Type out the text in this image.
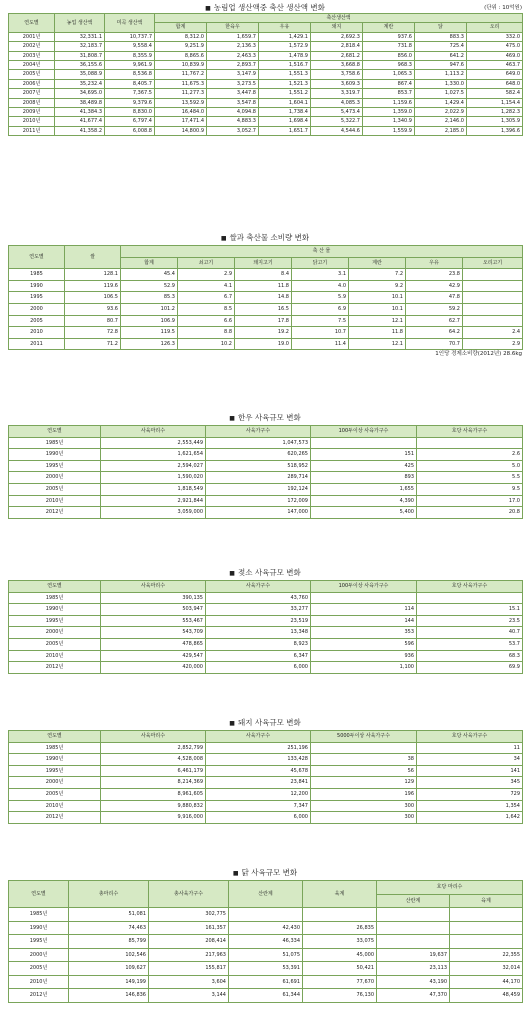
■ 농림업 생산액중 축산 생산액 변화	(단위 : 10억원)
연도별	농업 생산액	미곡 생산액	축산생산액						
			합계	한육우	우유	돼지	계란	닭	오리
2001년	32,331.1	10,737.7	8,312.0	1,659.7	1,429.1	2,692.3	937.6	883.3	332.0
2002년	32,183.7	9,558.4	9,251.9	2,136.3	1,572.9	2,818.4	731.8	725.4	475.0
2003년	31,808.7	8,355.9	8,865.6	2,463.3	1,478.9	2,681.2	856.0	641.2	469.0
2004년	36,155.6	9,961.9	10,839.9	2,893.7	1,516.7	3,668.8	968.3	947.6	463.7
2005년	35,088.9	8,536.8	11,767.2	3,147.9	1,551.3	3,758.6	1,065.3	1,113.2	649.0
2006년	35,232.4	8,405.7	11,675.3	3,273.5	1,521.3	3,609.3	867.4	1,330.0	648.0
2007년	34,695.0	7,367.5	11,277.3	3,447.8	1,551.2	3,319.7	853.7	1,027.5	582.4
2008년	38,489.8	9,379.6	13,592.9	3,547.8	1,604.1	4,085.3	1,159.6	1,429.4	1,154.4
2009년	41,384.3	8,830.0	16,484.0	4,094.8	1,738.4	5,473.4	1,359.0	2,022.9	1,282.3
2010년	41,677.4	6,797.4	17,471.4	4,883.3	1,698.4	5,322.7	1,340.9	2,146.0	1,305.9
2011년	41,358.2	6,008.8	14,800.9	3,052.7	1,651.7	4,544.6	1,559.9	2,185.0	1,396.6
■ 쌀과 축산물 소비량 변화
연도별	쌀	축 산 물						
		합계	쇠고기	돼지고기	닭고기	계란	우유	오리고기
1985	128.1	45.4	2.9	8.4	3.1	7.2	23.8	
1990	119.6	52.9	4.1	11.8	4.0	9.2	42.9	
1995	106.5	85.3	6.7	14.8	5.9	10.1	47.8	
2000	93.6	101.2	8.5	16.5	6.9	10.1	59.2	
2005	80.7	106.9	6.6	17.8	7.5	12.1	62.7	
2010	72.8	119.5	8.8	19.2	10.7	11.8	64.2	2.4
2011	71.2	126.3	10.2	19.0	11.4	12.1	70.7	2.9
1인당 경제소비량(2012년) 28.6kg
■ 한우 사육규모 변화
연도별	사육마리수	사육가구수	100두이상 사육가구수	호당 사육가구수
1985년	2,553,449	1,047,573		
1990년	1,621,654	620,265	151	2.6
1995년	2,594,027	518,952	425	5.0
2000년	1,590,020	289,714	893	5.5
2005년	1,818,549	192,124	1,655	9.5
2010년	2,921,844	172,009	4,390	17.0
2012년	3,059,000	147,000	5,400	20.8
■ 젖소 사육규모 변화
연도별	사육마리수	사육가구수	100두이상 사육가구수	호당 사육가구수
1985년	390,135	43,760		
1990년	503,947	33,277	114	15.1
1995년	553,467	23,519	144	23.5
2000년	543,709	13,348	353	40.7
2005년	478,865	8,923	596	53.7
2010년	429,547	6,347	936	68.3
2012년	420,000	6,000	1,100	69.9
■ 돼지 사육규모 변화
연도별	사육마리수	사육가구수	5000두이상 사육가구수	호당 사육가구수
1985년	2,852,799	251,196		11
1990년	4,528,008	133,428	38	34
1995년	6,461,179	45,678	56	141
2000년	8,214,369	23,841	129	345
2005년	8,961,605	12,200	196	729
2010년	9,880,832	7,347	300	1,354
2012년	9,916,000	6,000	300	1,642
■ 닭 사육규모 변화
연도별	총마리수	총사육가구수	산란계	육계	호당 마리수	
					산란계	육계
1985년	51,081	302,775				
1990년	74,463	161,357	42,430	26,835		
1995년	85,799	208,414	46,334	33,075		
2000년	102,546	217,963	51,075	45,000	19,637	22,355
2005년	109,627	155,817	53,391	50,421	23,113	32,014
2010년	149,199	3,604	61,691	77,670	43,190	44,170
2012년	146,836	3,144	61,344	76,130	47,370	48,459
